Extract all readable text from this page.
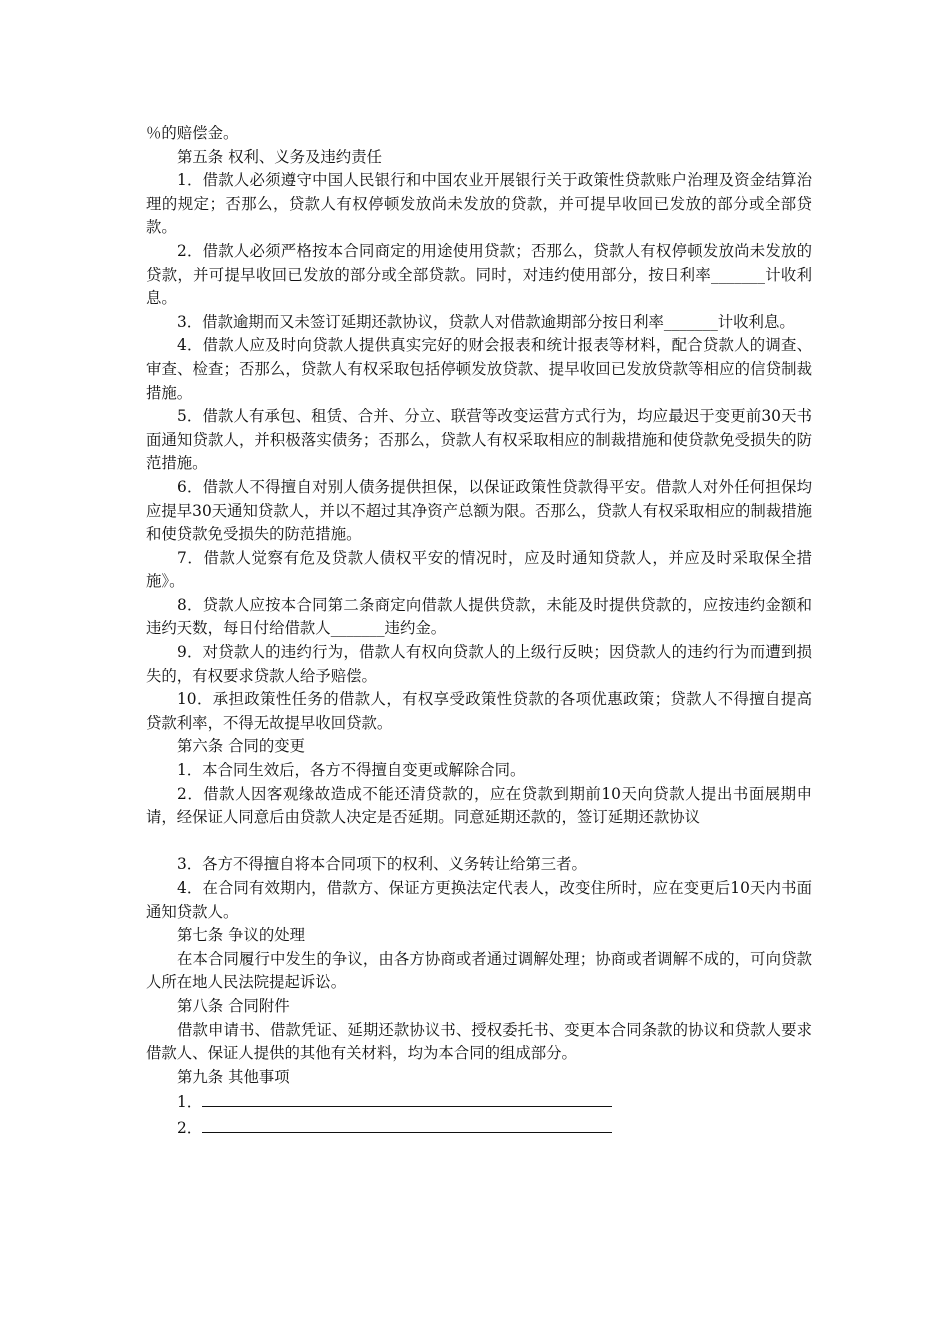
％的赔偿金。

第五条 权利、义务及违约责任

1．借款人必须遵守中国人民银行和中国农业开展银行关于政策性贷款账户治理及资金结算治理的规定；否那么，贷款人有权停顿发放尚未发放的贷款，并可提早收回已发放的部分或全部贷款。

2．借款人必须严格按本合同商定的用途使用贷款；否那么，贷款人有权停顿发放尚未发放的贷款，并可提早收回已发放的部分或全部贷款。同时，对违约使用部分，按日利率_______计收利息。

3．借款逾期而又未签订延期还款协议，贷款人对借款逾期部分按日利率_______计收利息。

4．借款人应及时向贷款人提供真实完好的财会报表和统计报表等材料，配合贷款人的调查、审查、检查；否那么，贷款人有权采取包括停顿发放贷款、提早收回已发放贷款等相应的信贷制裁措施。

5．借款人有承包、租赁、合并、分立、联营等改变运营方式行为，均应最迟于变更前30天书面通知贷款人，并积极落实债务；否那么，贷款人有权采取相应的制裁措施和使贷款免受损失的防范措施。

6．借款人不得擅自对别人债务提供担保，以保证政策性贷款得平安。借款人对外任何担保均应提早30天通知贷款人，并以不超过其净资产总额为限。否那么，贷款人有权采取相应的制裁措施和使贷款免受损失的防范措施。

7．借款人觉察有危及贷款人债权平安的情况时，应及时通知贷款人，并应及时采取保全措施》。

8．贷款人应按本合同第二条商定向借款人提供贷款，未能及时提供贷款的，应按违约金额和违约天数，每日付给借款人_______违约金。

9．对贷款人的违约行为，借款人有权向贷款人的上级行反映；因贷款人的违约行为而遭到损失的，有权要求贷款人给予赔偿。

10．承担政策性任务的借款人，有权享受政策性贷款的各项优惠政策；贷款人不得擅自提高贷款利率，不得无故提早收回贷款。

第六条 合同的变更

1．本合同生效后，各方不得擅自变更或解除合同。

2．借款人因客观缘故造成不能还清贷款的，应在贷款到期前10天向贷款人提出书面展期申请，经保证人同意后由贷款人决定是否延期。同意延期还款的，签订延期还款协议

3．各方不得擅自将本合同项下的权利、义务转让给第三者。

4．在合同有效期内，借款方、保证方更换法定代表人，改变住所时，应在变更后10天内书面通知贷款人。

第七条 争议的处理

在本合同履行中发生的争议，由各方协商或者通过调解处理；协商或者调解不成的，可向贷款人所在地人民法院提起诉讼。

第八条 合同附件

借款申请书、借款凭证、延期还款协议书、授权委托书、变更本合同条款的协议和贷款人要求借款人、保证人提供的其他有关材料，均为本合同的组成部分。

第九条 其他事项

1．

2．
